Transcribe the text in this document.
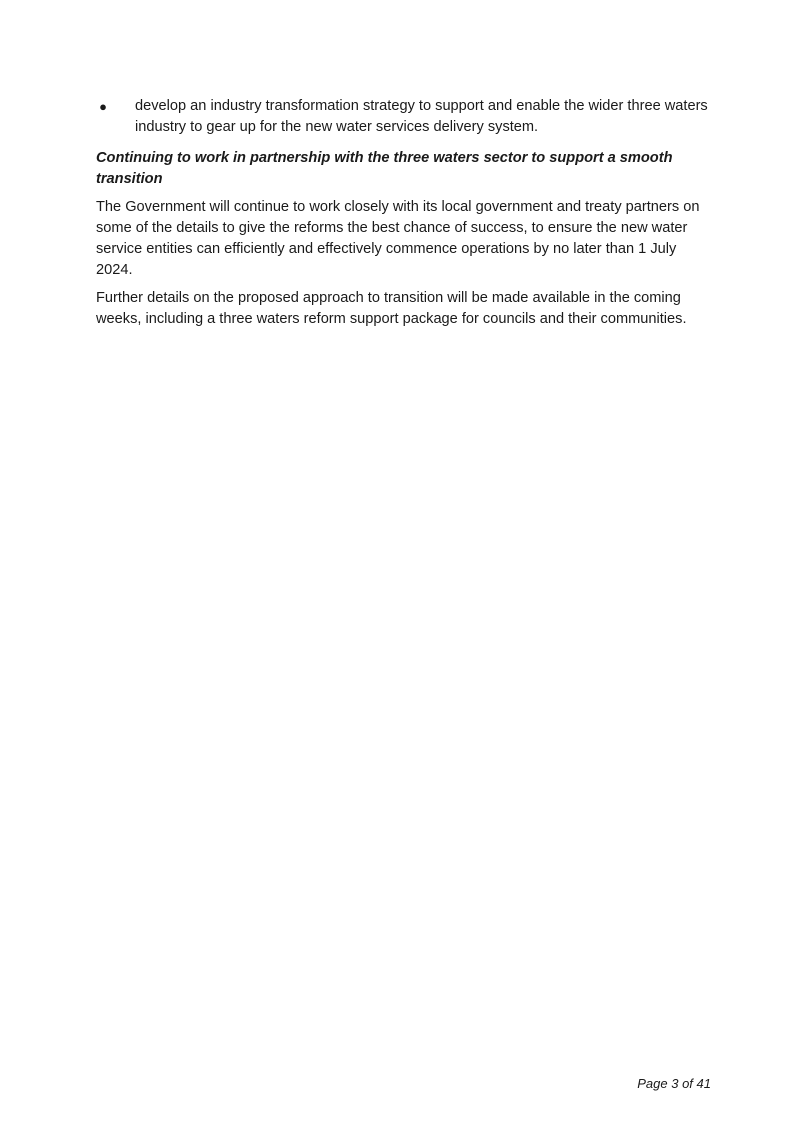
● develop an industry transformation strategy to support and enable the wider three waters industry to gear up for the new water services delivery system.
Continuing to work in partnership with the three waters sector to support a smooth transition

The Government will continue to work closely with its local government and treaty partners on some of the details to give the reforms the best chance of success, to ensure the new water service entities can efficiently and effectively commence operations by no later than 1 July 2024.

Further details on the proposed approach to transition will be made available in the coming weeks, including a three waters reform support package for councils and their communities.

Page 3 of 41
